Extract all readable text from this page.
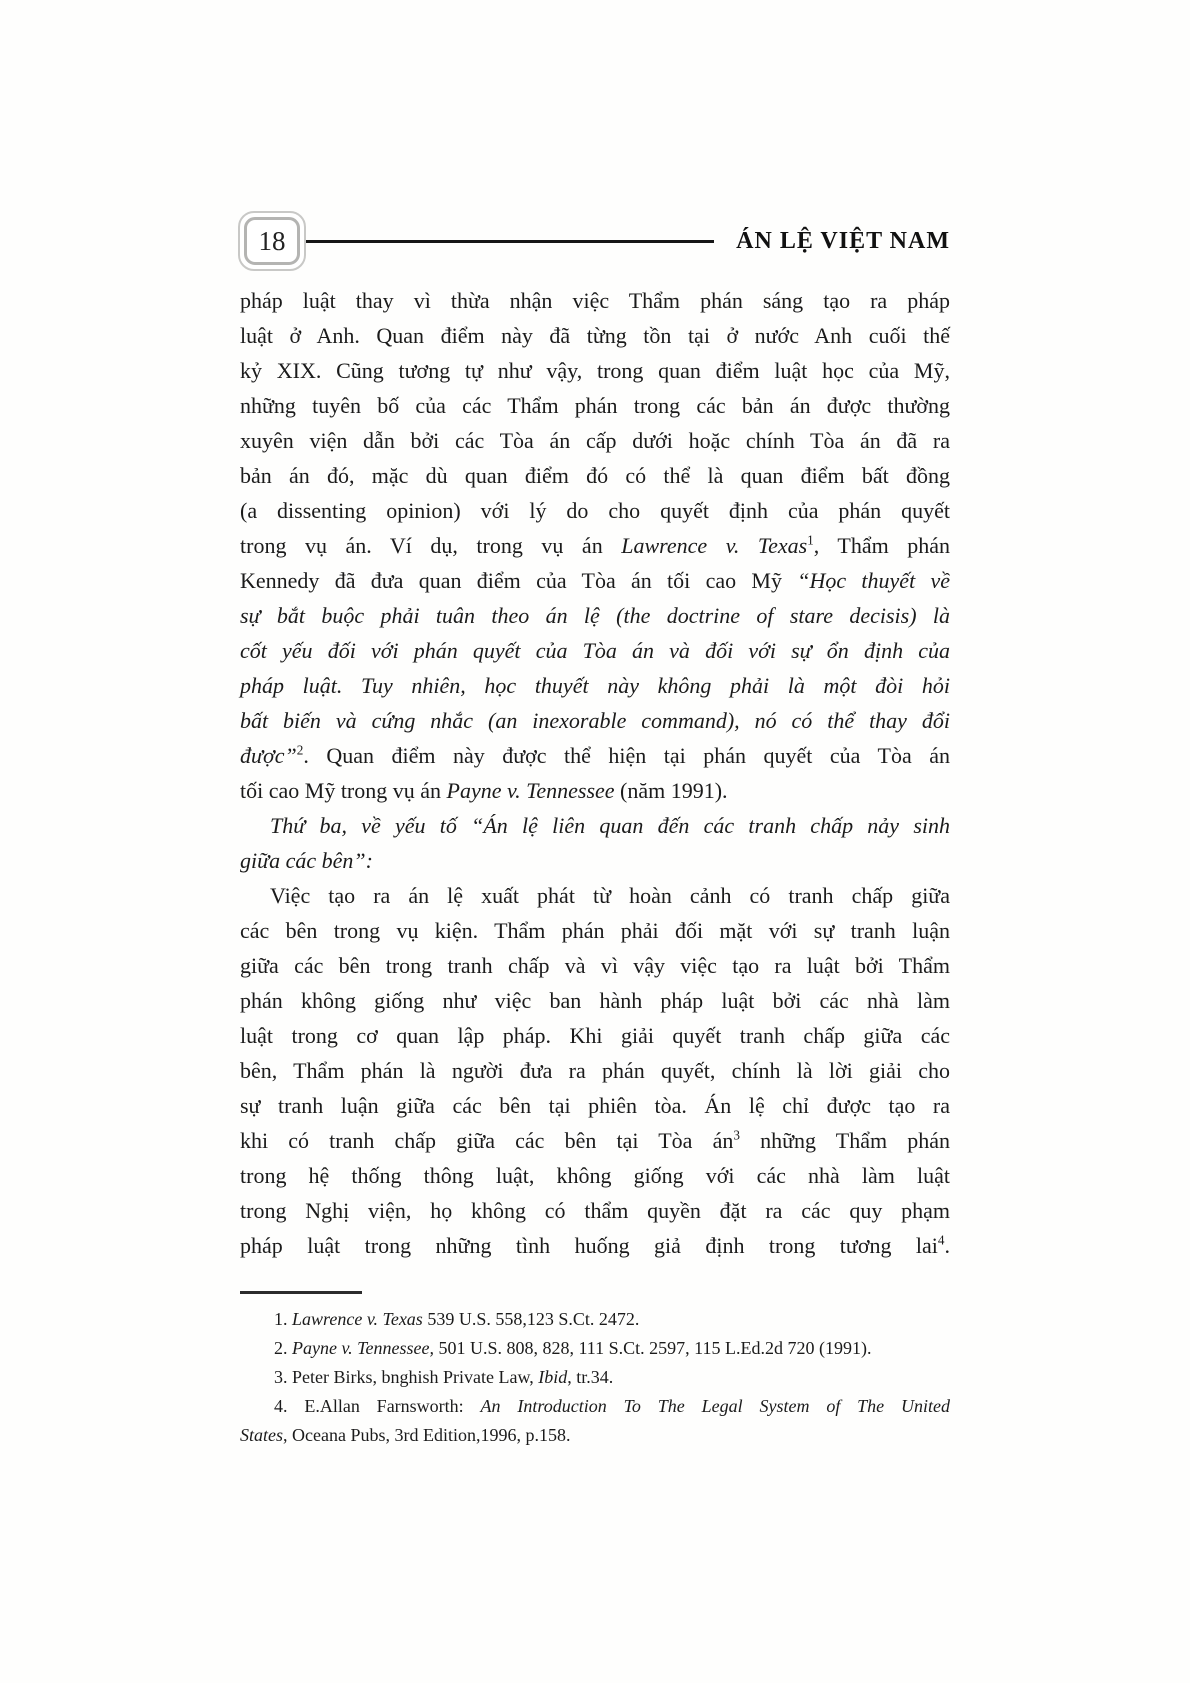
18	ÁN LỆ VIỆT NAM
pháp luật thay vì thừa nhận việc Thẩm phán sáng tạo ra pháp
luật ở Anh. Quan điểm này đã từng tồn tại ở nước Anh cuối thế
kỷ XIX. Cũng tương tự như vậy, trong quan điểm luật học của Mỹ,
những tuyên bố của các Thẩm phán trong các bản án được thường
xuyên viện dẫn bởi các Tòa án cấp dưới hoặc chính Tòa án đã ra
bản án đó, mặc dù quan điểm đó có thể là quan điểm bất đồng
(a dissenting opinion) với lý do cho quyết định của phán quyết
trong vụ án. Ví dụ, trong vụ án Lawrence v. Texas$^1$, Thẩm phán
Kennedy đã đưa quan điểm của Tòa án tối cao Mỹ “Học thuyết về
sự bắt buộc phải tuân theo án lệ (the doctrine of stare decisis) là
cốt yếu đối với phán quyết của Tòa án và đối với sự ổn định của
pháp luật. Tuy nhiên, học thuyết này không phải là một đòi hỏi
bất biến và cứng nhắc (an inexorable command), nó có thể thay đổi
được”$^2$. Quan điểm này được thể hiện tại phán quyết của Tòa án
tối cao Mỹ trong vụ án Payne v. Tennessee (năm 1991).
Thứ ba, về yếu tố “Án lệ liên quan đến các tranh chấp nảy sinh
giữa các bên”:
Việc tạo ra án lệ xuất phát từ hoàn cảnh có tranh chấp giữa
các bên trong vụ kiện. Thẩm phán phải đối mặt với sự tranh luận
giữa các bên trong tranh chấp và vì vậy việc tạo ra luật bởi Thẩm
phán không giống như việc ban hành pháp luật bởi các nhà làm
luật trong cơ quan lập pháp. Khi giải quyết tranh chấp giữa các
bên, Thẩm phán là người đưa ra phán quyết, chính là lời giải cho
sự tranh luận giữa các bên tại phiên tòa. Án lệ chỉ được tạo ra
khi có tranh chấp giữa các bên tại Tòa $án^3$ những Thẩm phán
trong hệ thống thông luật, không giống với các nhà làm luật
trong Nghị viện, họ không có thẩm quyền đặt ra các quy phạm
pháp luật trong những tình huống giả định trong tương lai$^4$.
1. Lawrence v. Texas 539 U.S. 558,123 S.Ct. 2472.
2. Payne v. Tennessee, 501 U.S. 808, 828, 111 S.Ct. 2597, 115 L.Ed.2d 720 (1991).
3. Peter Birks, bnghish Private Law, Ibid, tr.34.
4. E.Allan Farnsworth: An Introduction To The Legal System of The United
States, Oceana Pubs, 3rd Edition,1996, p.158.
